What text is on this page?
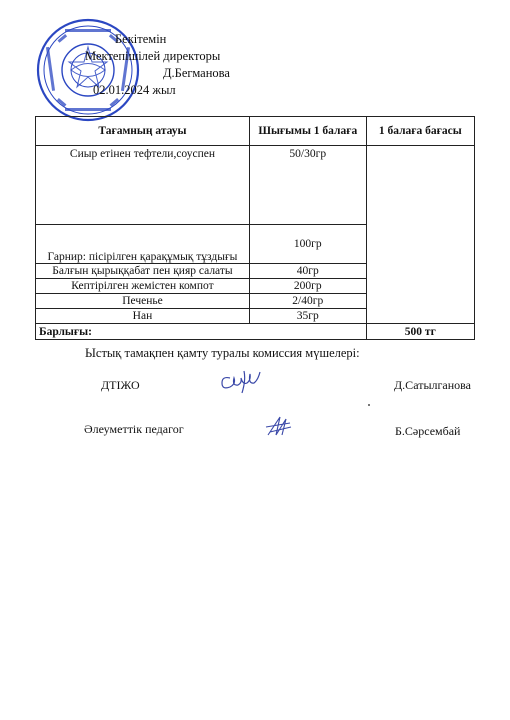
Бекітемін
Мектепішілей директоры
Д.Бегманова
02.01.2024 жыл
Тағамның атауы	Шығымы 1 балаға	1 балаға бағасы

Сиыр етінен тефтели,соуспен	50/30гр	

Гарнир: пісірілген қарақұмық тұздығы	100гр	
Балғын қырыққабат пен қияр салаты	40гр	
Кептірілген жемістен компот	200гр	
Печенье	2/40гр	
Нан	35гр	
Барлығы:		500 тг
Ыстық тамақпен қамту туралы комиссия мүшелері:
ДТІЖО	Д.Сатылганова
Әлеуметтік педагог	Б.Сәрсембай
